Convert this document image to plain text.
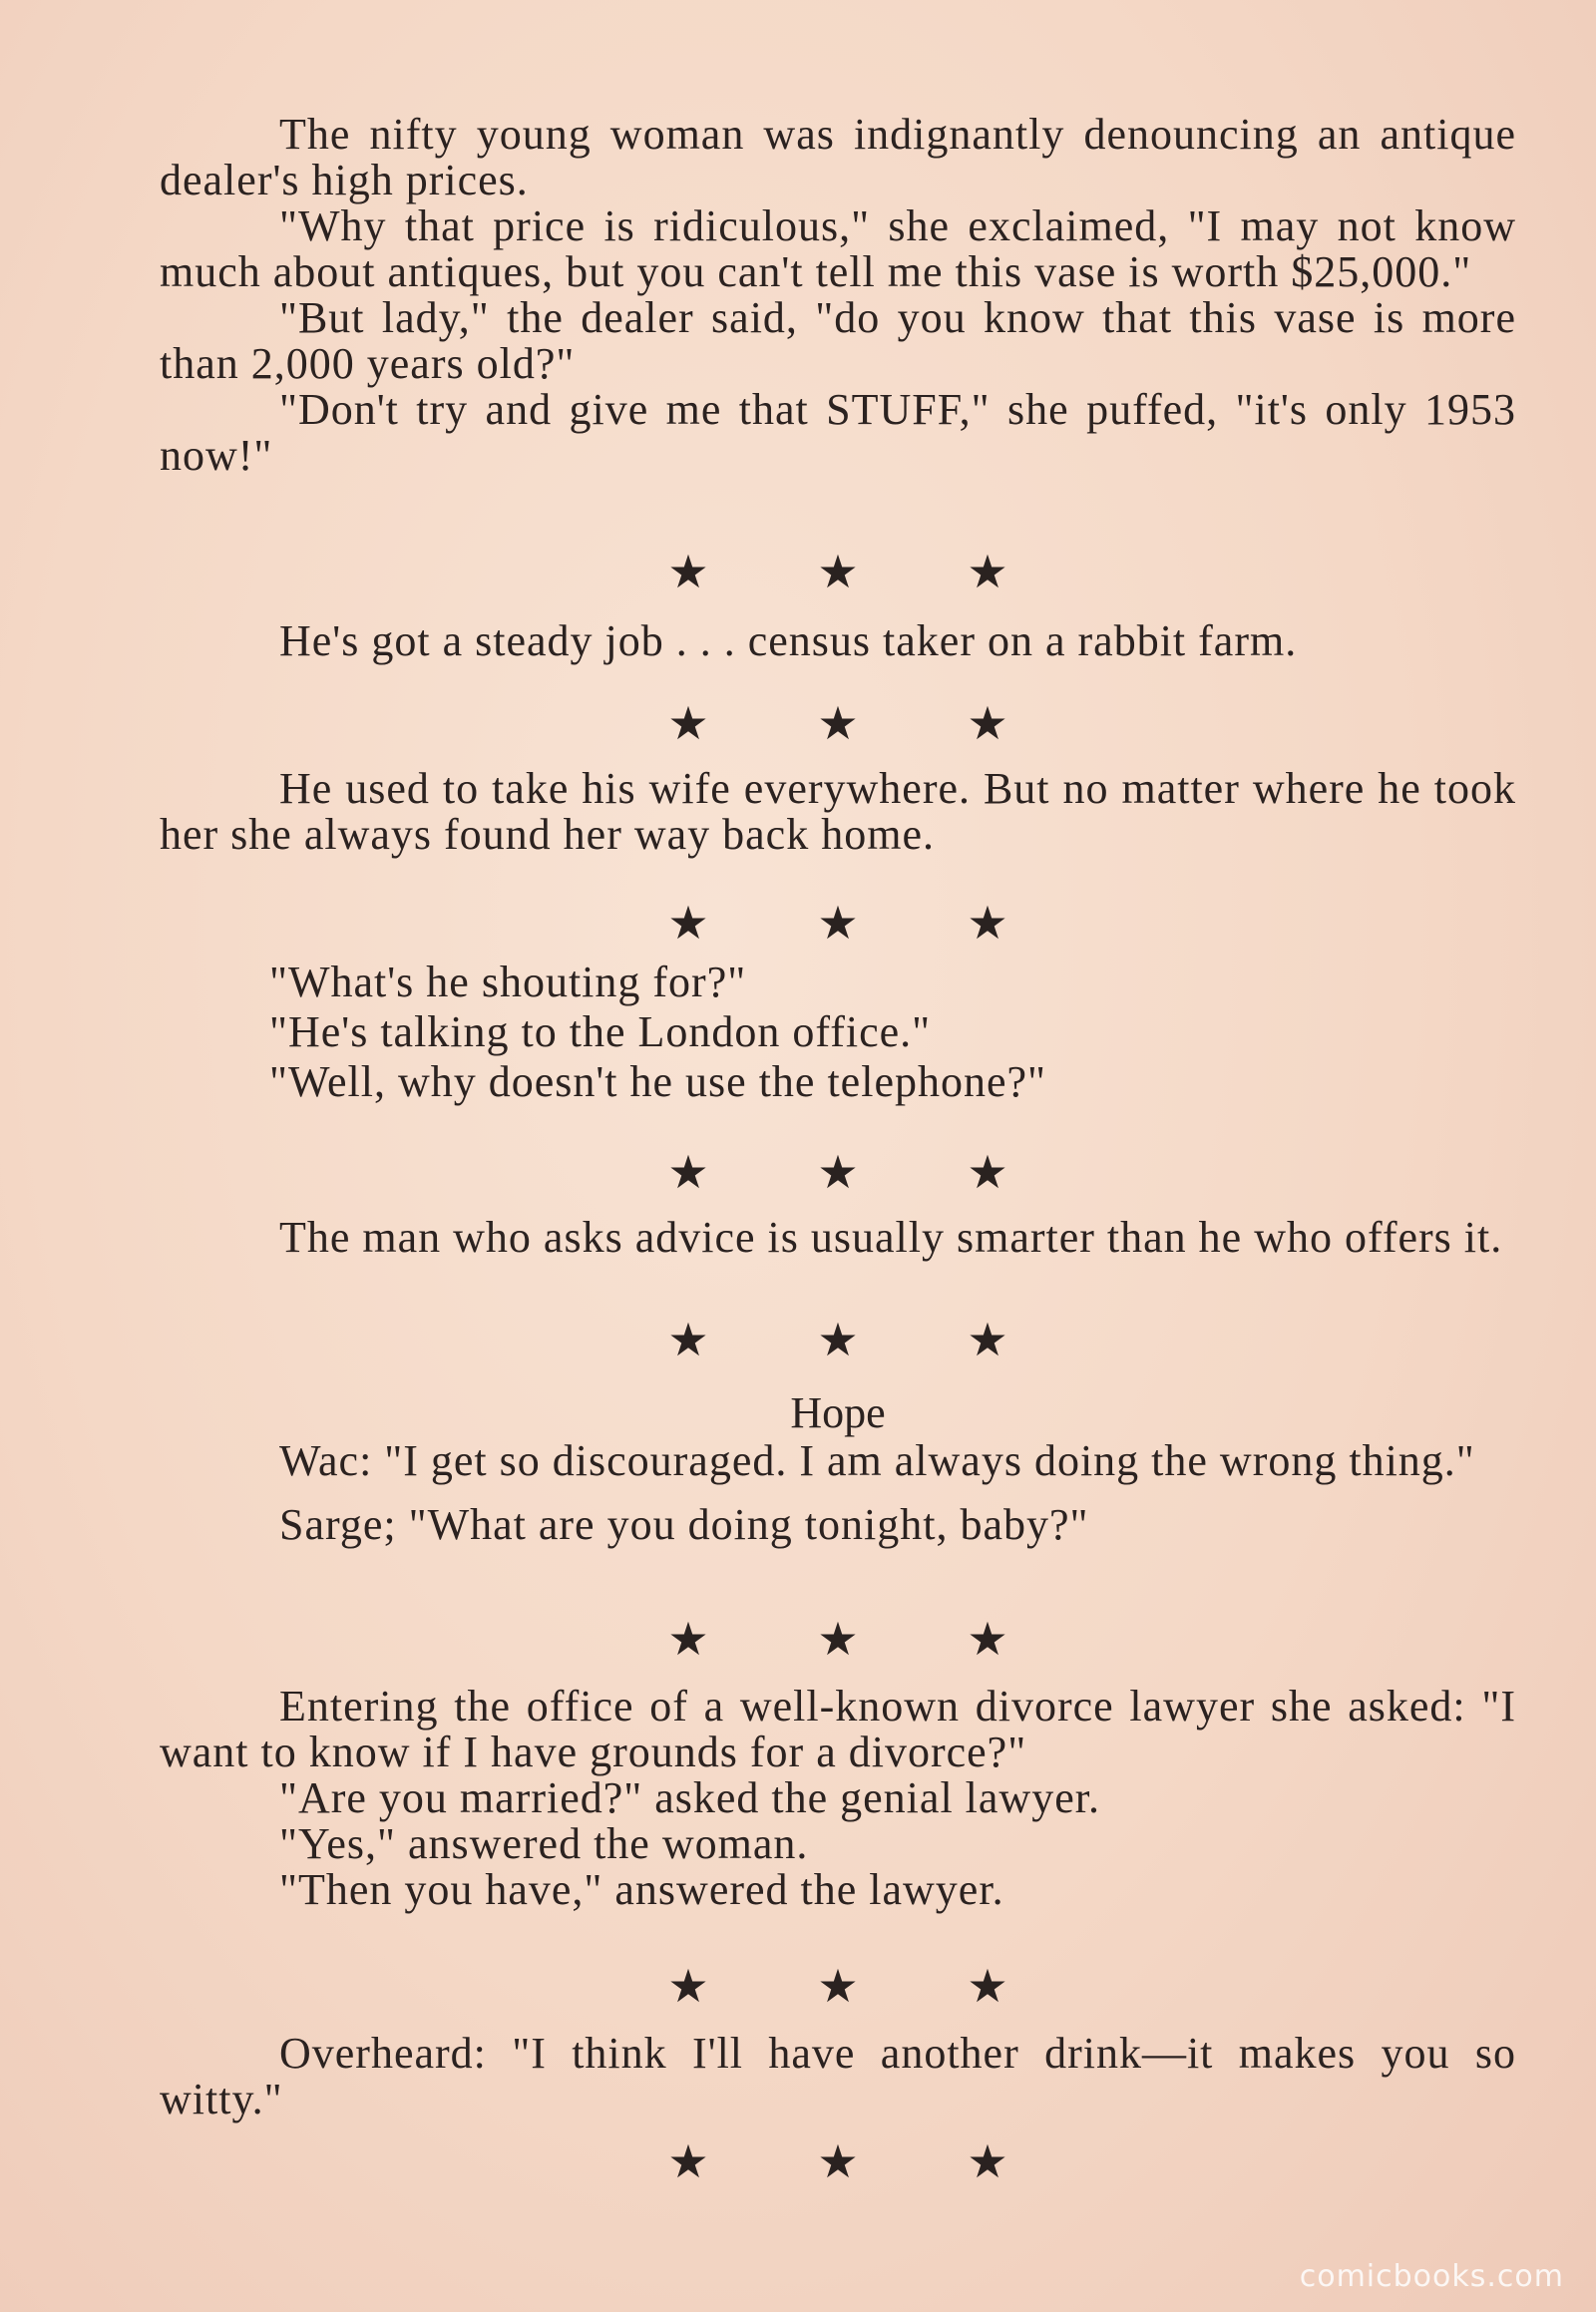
The nifty young woman was indignantly denouncing an antique dealer's high prices.

"Why that price is ridiculous," she exclaimed, "I may not know much about antiques, but you can't tell me this vase is worth $25,000."

"But lady," the dealer said, "do you know that this vase is more than 2,000 years old?"

"Don't try and give me that STUFF," she puffed, "it's only 1953 now!"

★ ★ ★

He's got a steady job . . . census taker on a rabbit farm.

★ ★ ★

He used to take his wife everywhere. But no matter where he took her she always found her way back home.

★ ★ ★

"What's he shouting for?"

"He's talking to the London office."

"Well, why doesn't he use the telephone?"

★ ★ ★

The man who asks advice is usually smarter than he who offers it.

★ ★ ★

Hope

Wac: "I get so discouraged. I am always doing the wrong thing."

Sarge; "What are you doing tonight, baby?"

★ ★ ★

Entering the office of a well-known divorce lawyer she asked: "I want to know if I have grounds for a divorce?"

"Are you married?" asked the genial lawyer.

"Yes," answered the woman.

"Then you have," answered the lawyer.

★ ★ ★

Overheard: "I think I'll have another drink—it makes you so witty."

★ ★ ★
comicbooks.com
